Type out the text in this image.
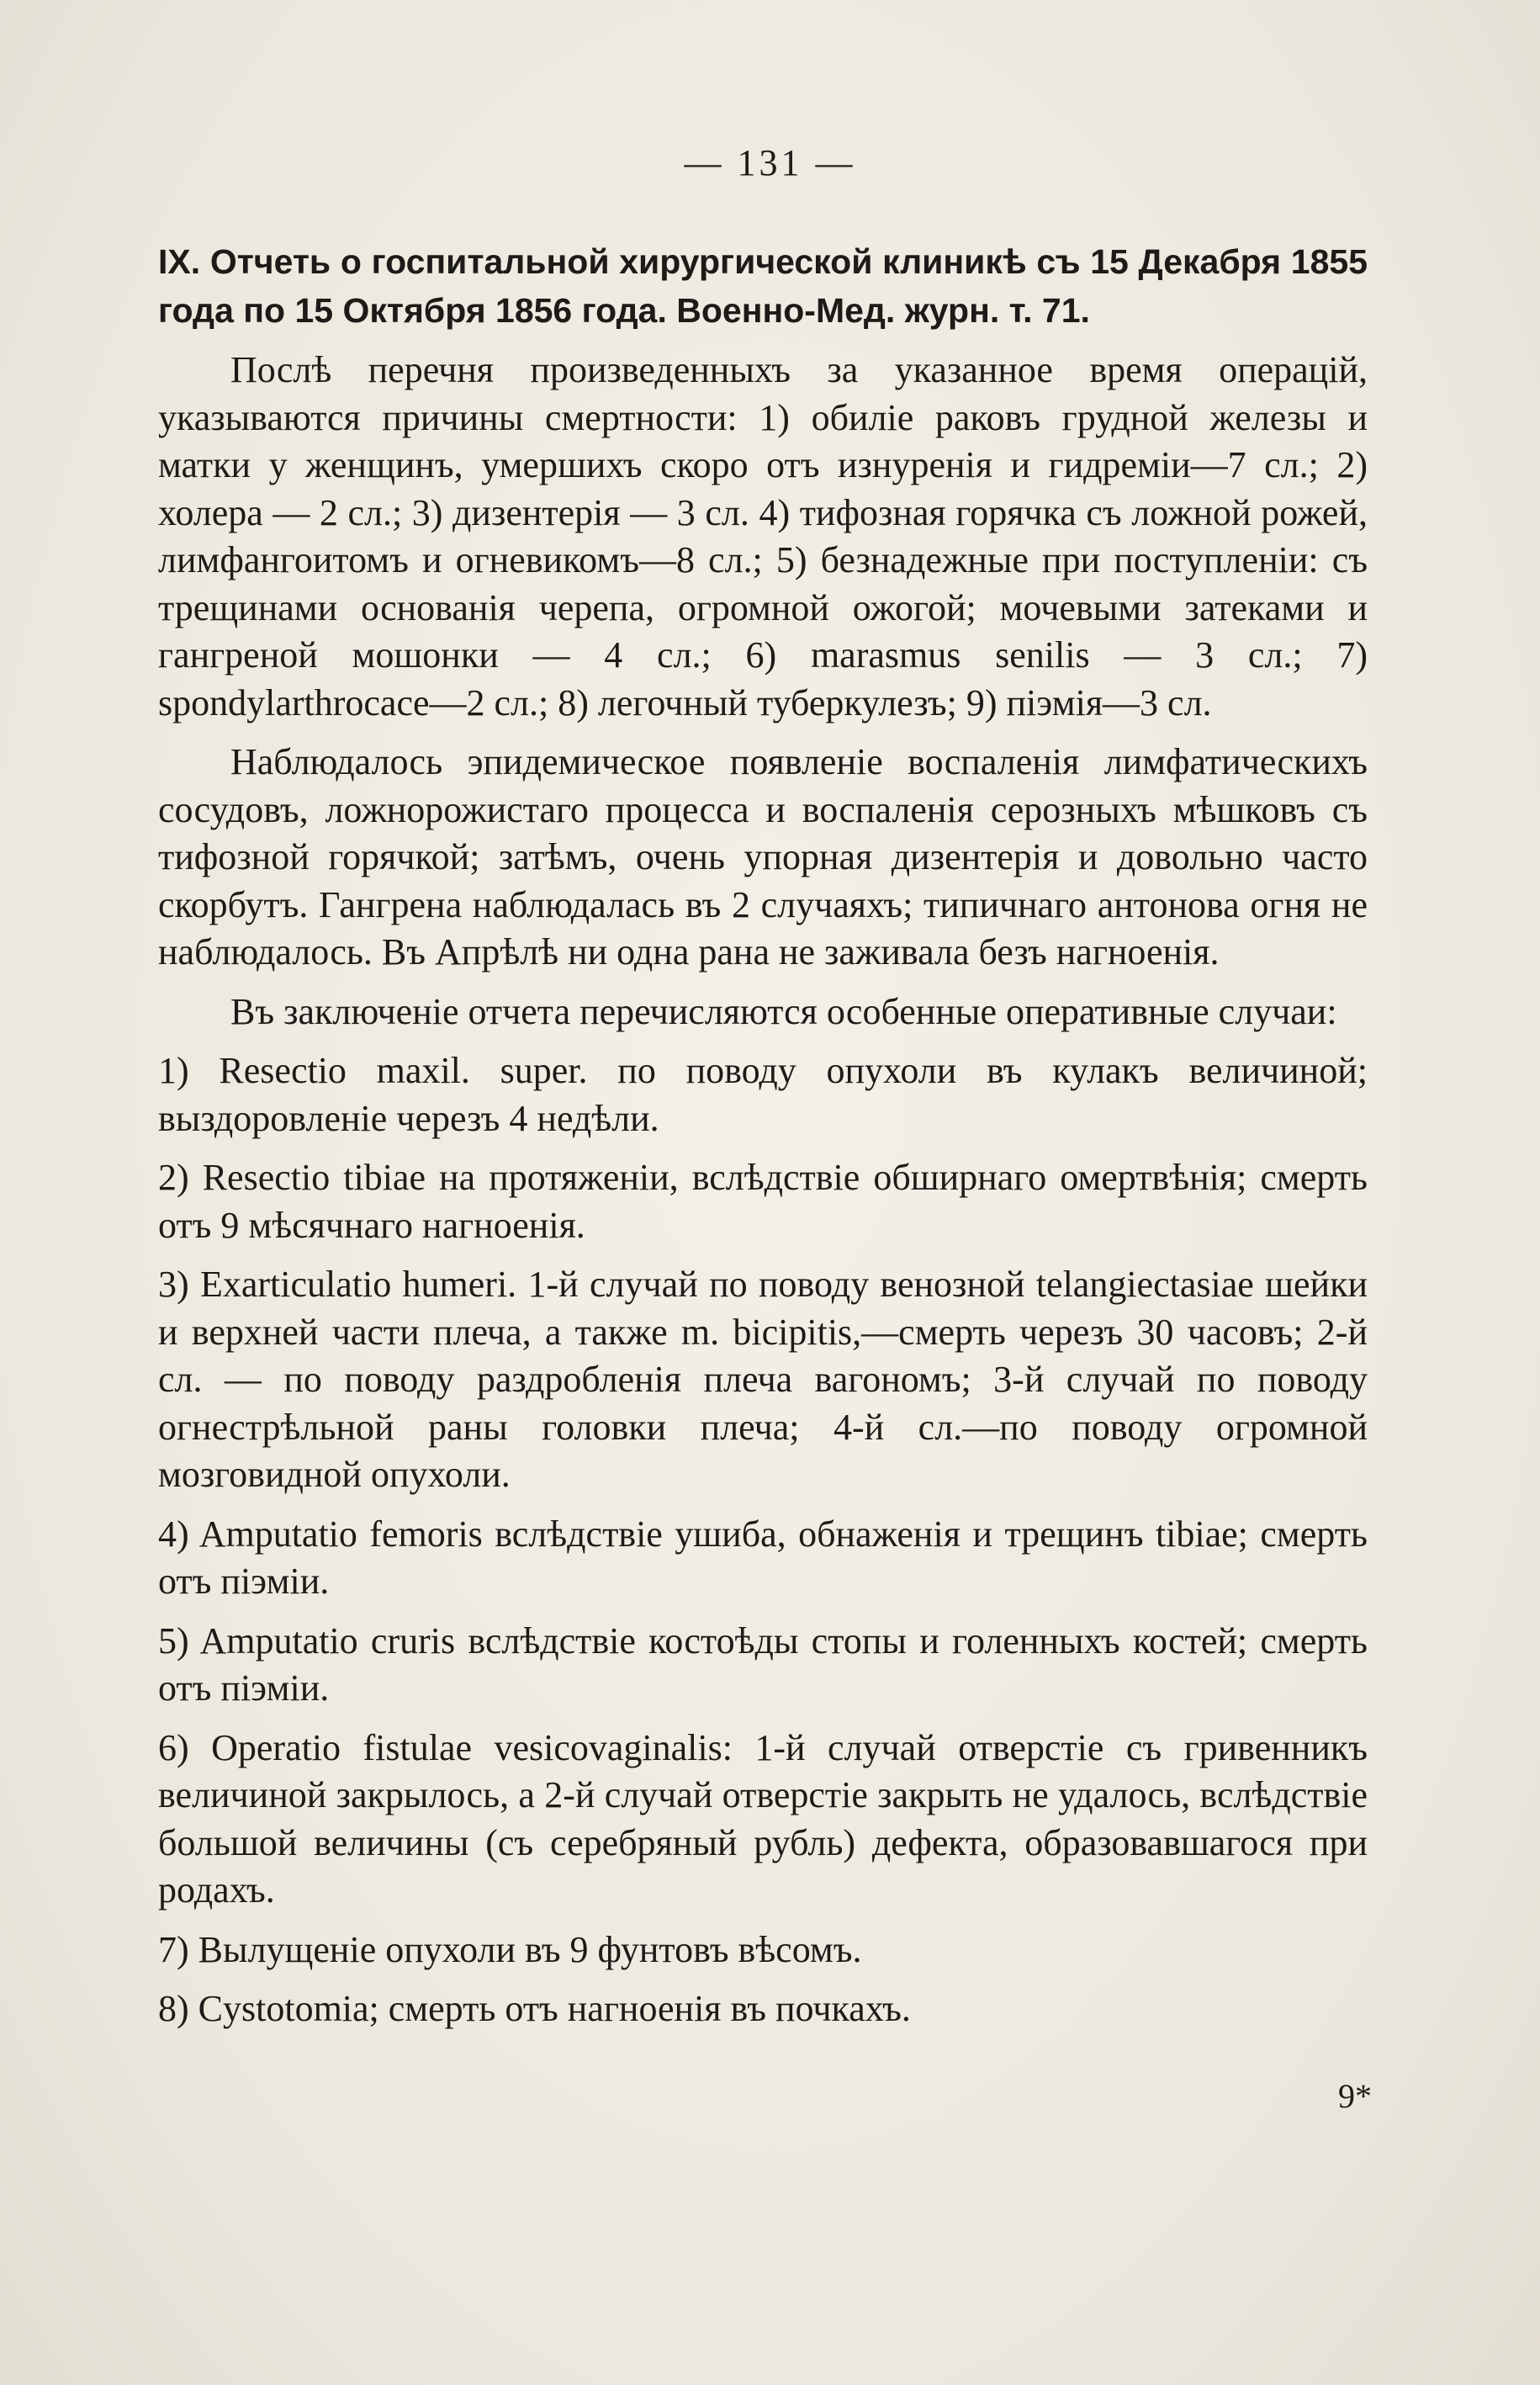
— 131 —

IX. Отчеть о госпитальной хирургической клиникѣ съ 15 Декабря 1855 года по 15 Октября 1856 года. Военно-Мед. журн. т. 71.

Послѣ перечня произведенныхъ за указанное время операцій, указываются причины смертности: 1) обиліе раковъ грудной железы и матки у женщинъ, умершихъ скоро отъ изнуренія и гидреміи—7 сл.; 2) холера — 2 сл.; 3) дизентерія — 3 сл. 4) тифозная горячка съ ложной рожей, лимфангоитомъ и огневикомъ—8 сл.; 5) безнадежные при поступленіи: съ трещинами основанія черепа, огромной ожогой; мочевыми затеками и гангреной мошонки — 4 сл.; 6) marasmus senilis — 3 сл.; 7) spondylarthrocace—2 сл.; 8) легочный туберкулезъ; 9) піэмія—3 сл.

Наблюдалось эпидемическое появленіе воспаленія лимфатическихъ сосудовъ, ложнорожистаго процесса и воспаленія серозныхъ мѣшковъ съ тифозной горячкой; затѣмъ, очень упорная дизентерія и довольно часто скорбутъ. Гангрена наблюдалась въ 2 случаяхъ; типичнаго антонова огня не наблюдалось. Въ Апрѣлѣ ни одна рана не заживала безъ нагноенія.

Въ заключеніе отчета перечисляются особенные оперативные случаи:

1) Resectio maxil. super. по поводу опухоли въ кулакъ величиной; выздоровленіе черезъ 4 недѣли.

2) Resectio tibiae на протяженіи, вслѣдствіе обширнаго омертвѣнія; смерть отъ 9 мѣсячнаго нагноенія.

3) Exarticulatio humeri. 1-й случай по поводу венозной telangiectasiae шейки и верхней части плеча, а также m. bicipitis,—смерть черезъ 30 часовъ; 2-й сл. — по поводу раздробленія плеча вагономъ; 3-й случай по поводу огнестрѣльной раны головки плеча; 4-й сл.—по поводу огромной мозговидной опухоли.

4) Amputatio femoris вслѣдствіе ушиба, обнаженія и трещинъ tibiae; смерть отъ піэміи.

5) Amputatio cruris вслѣдствіе костоѣды стопы и голенныхъ костей; смерть отъ піэміи.

6) Operatio fistulae vesicovaginalis: 1-й случай отверстіе съ гривенникъ величиной закрылось, а 2-й случай отверстіе закрыть не удалось, вслѣдствіе большой величины (съ серебряный рубль) дефекта, образовавшагося при родахъ.

7) Вылущеніе опухоли въ 9 фунтовъ вѣсомъ.

8) Cystotomia; смерть отъ нагноенія въ почкахъ.

9*
